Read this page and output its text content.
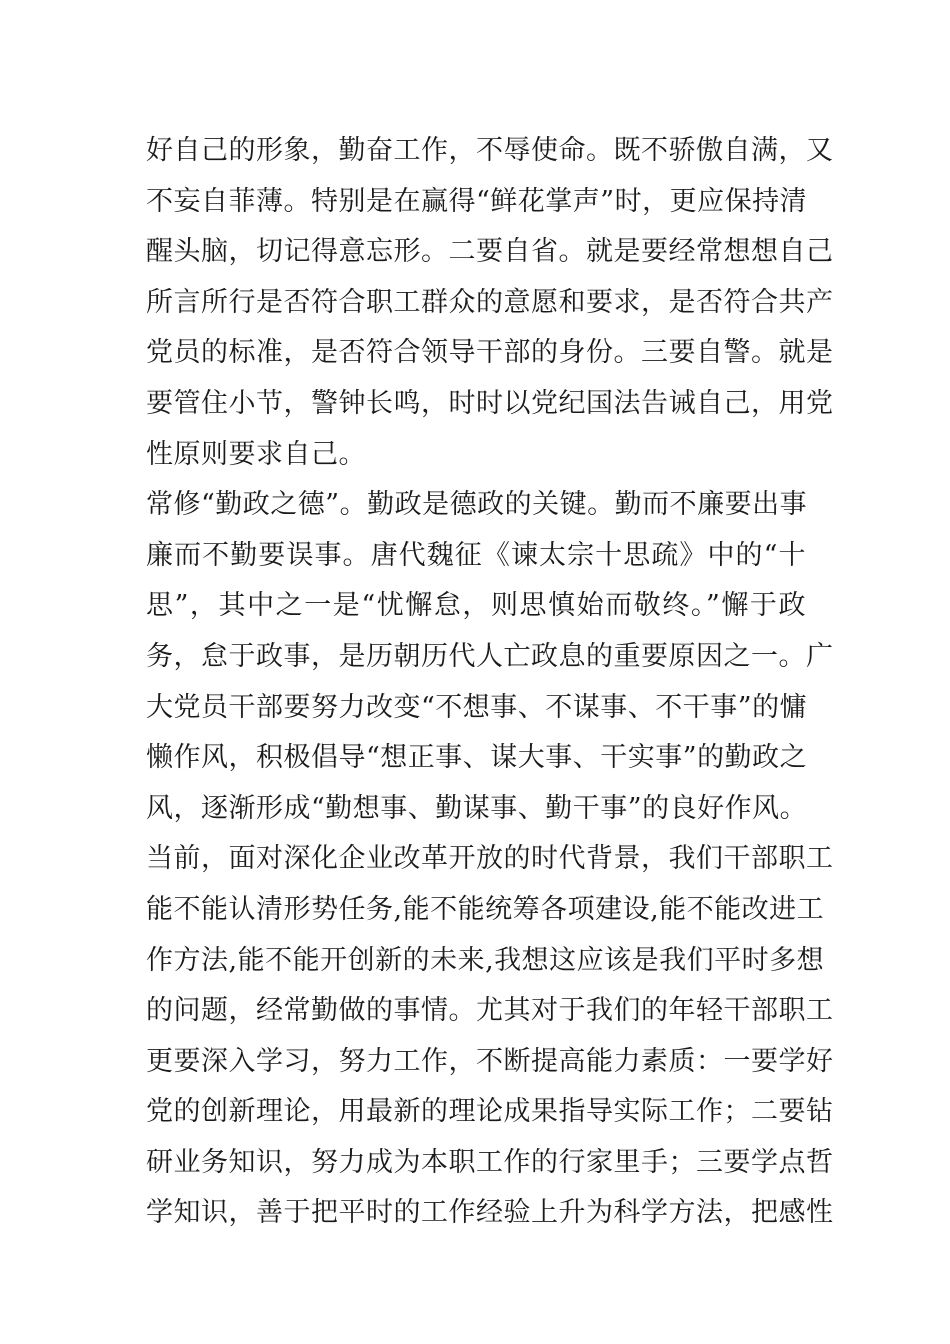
好自己的形象，勤奋工作，不辱使命。既不骄傲自满，又
不妄自菲薄。特别是在赢得“鲜花掌声”时，更应保持清
醒头脑，切记得意忘形。二要自省。就是要经常想想自己
所言所行是否符合职工群众的意愿和要求，是否符合共产
党员的标准，是否符合领导干部的身份。三要自警。就是
要管住小节，警钟长鸣，时时以党纪国法告诫自己，用党
性原则要求自己。
常修“勤政之德”。勤政是德政的关键。勤而不廉要出事
廉而不勤要误事。唐代魏征《谏太宗十思疏》中的“十
思”，其中之一是“忧懈怠，则思慎始而敬终。”懈于政
务，怠于政事，是历朝历代人亡政息的重要原因之一。广
大党员干部要努力改变“不想事、不谋事、不干事”的慵
懒作风，积极倡导“想正事、谋大事、干实事”的勤政之
风，逐渐形成“勤想事、勤谋事、勤干事”的良好作风。
当前，面对深化企业改革开放的时代背景，我们干部职工
能不能认清形势任务,能不能统筹各项建设,能不能改进工
作方法,能不能开创新的未来,我想这应该是我们平时多想
的问题，经常勤做的事情。尤其对于我们的年轻干部职工
更要深入学习，努力工作，不断提高能力素质：一要学好
党的创新理论，用最新的理论成果指导实际工作；二要钻
研业务知识，努力成为本职工作的行家里手；三要学点哲
学知识，善于把平时的工作经验上升为科学方法，把感性
